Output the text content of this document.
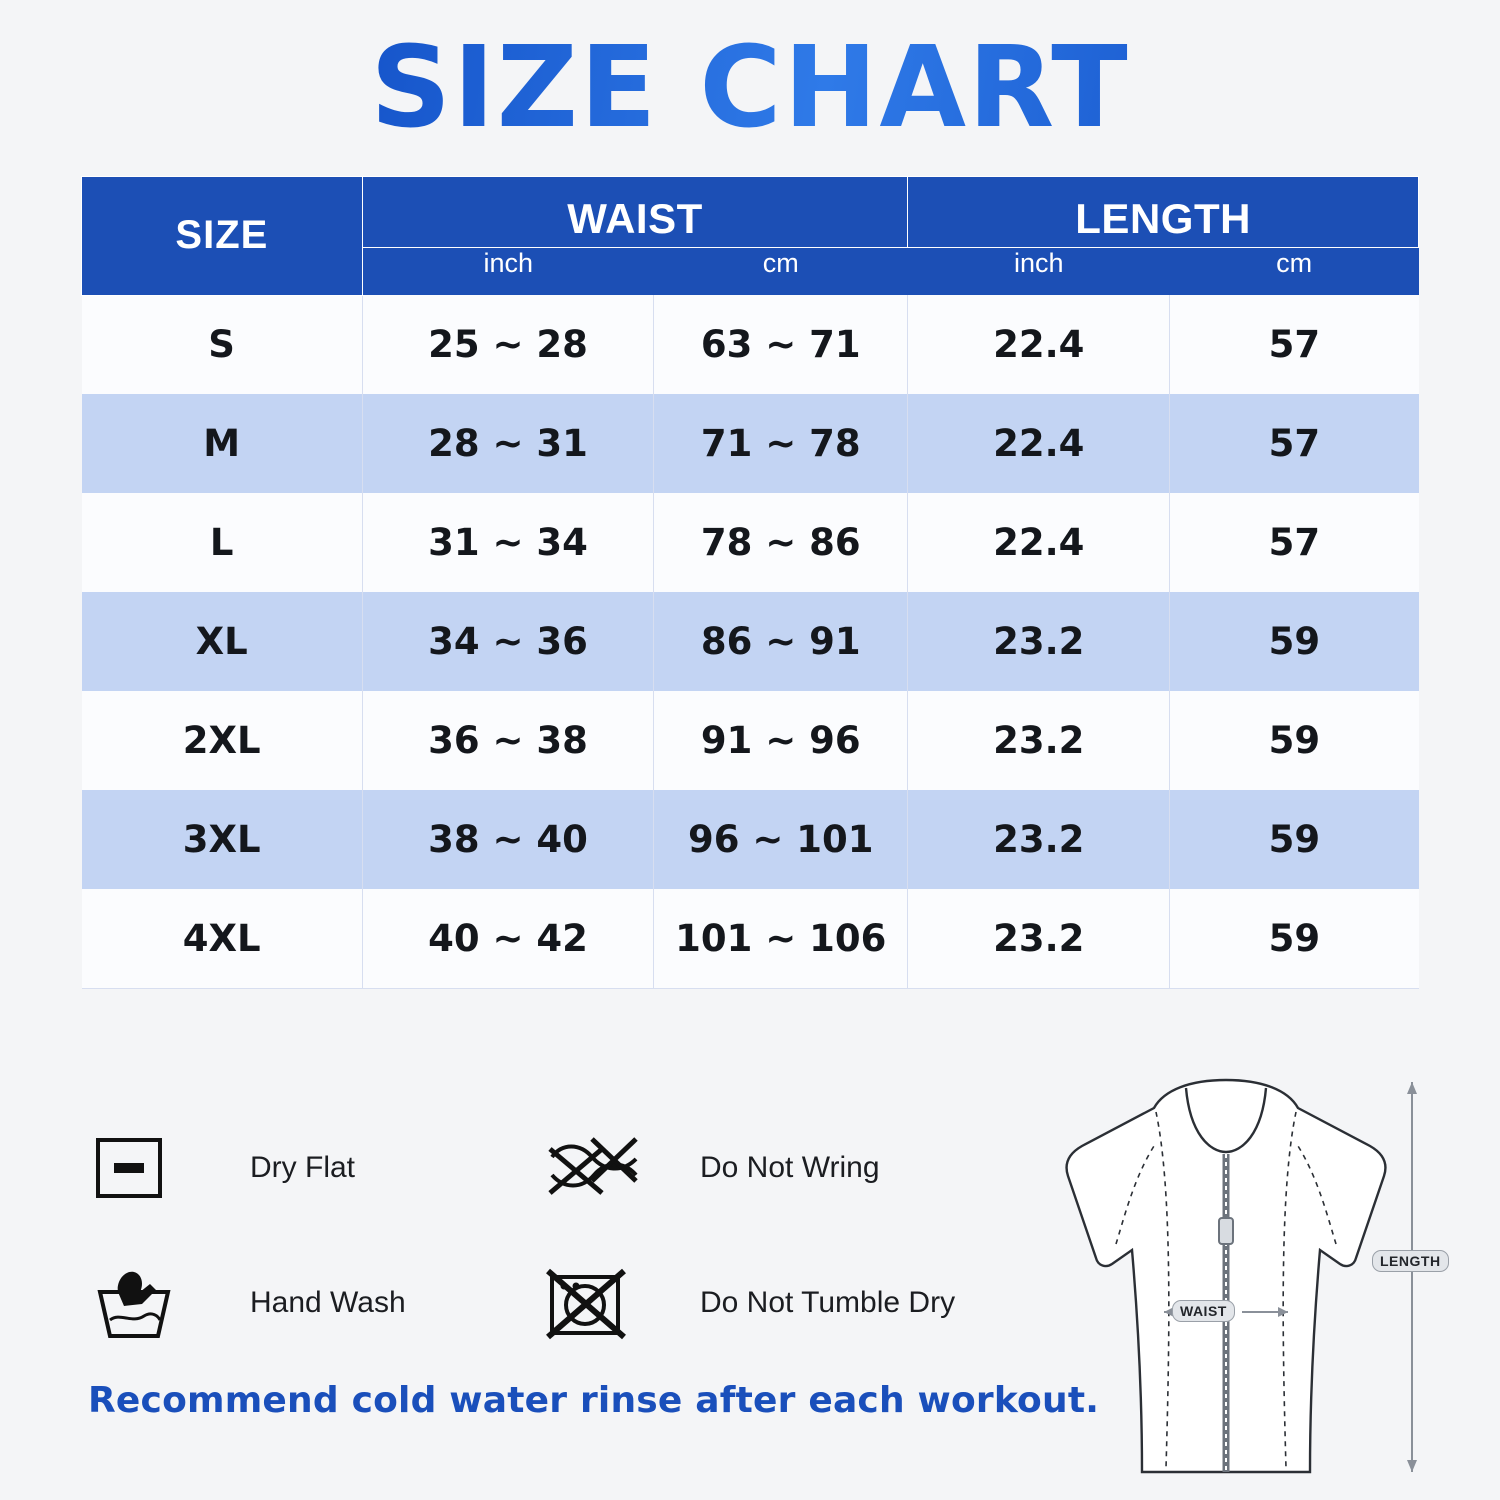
SIZE CHART
SIZE	WAIST		LENGTH	
	inch	cm	inch	cm
S	25 ~ 28	63 ~ 71	22.4	57
M	28 ~ 31	71 ~ 78	22.4	57
L	31 ~ 34	78 ~ 86	22.4	57
XL	34 ~ 36	86 ~ 91	23.2	59
2XL	36 ~ 38	91 ~ 96	23.2	59
3XL	38 ~ 40	96 ~ 101	23.2	59
4XL	40 ~ 42	101 ~ 106	23.2	59
Dry Flat	Do Not Wring
Hand Wash	Do Not Tumble Dry
Recommend cold water rinse after each workout.
WAIST
LENGTH
